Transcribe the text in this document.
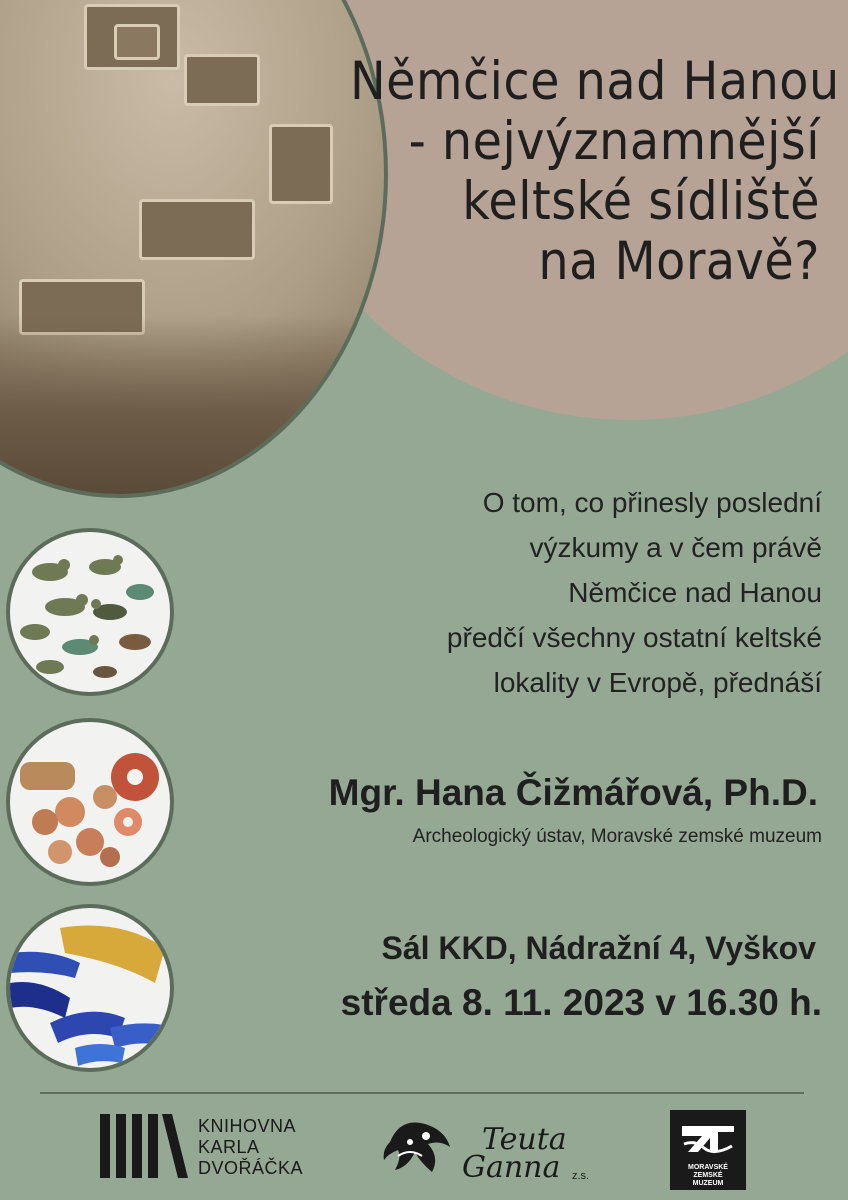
Němčice nad Hanou
- nejvýznamnější
keltské sídliště
na Moravě?
O tom, co přinesly poslední
výzkumy a v čem právě
Němčice nad Hanou
předčí všechny ostatní keltské
lokality v Evropě, přednáší
Mgr. Hana Čižmářová, Ph.D.
Archeologický ústav, Moravské zemské muzeum
Sál KKD, Nádražní 4, Vyškov
středa 8. 11. 2023 v 16.30 h.
KNIHOVNA
KARLA
DVOŘÁČKA
Teuta
Ganna z.s.
MORAVSKÉ
ZEMSKÉ
MUZEUM
